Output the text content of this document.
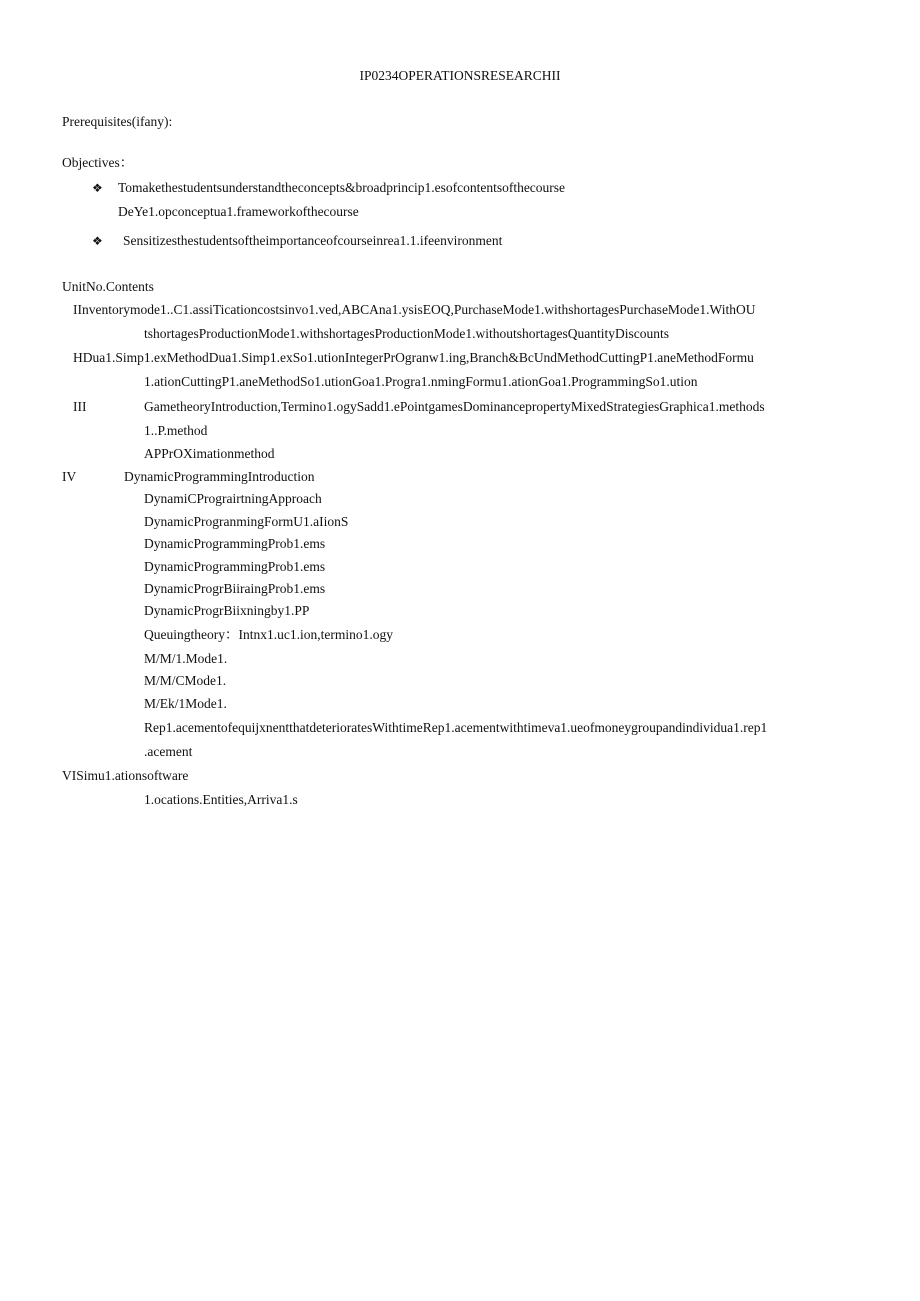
IP0234OPERATIONSRESEARCHII
Prerequisites(ifany):
Objectives：
❖ Tomakethestudentsunderstandtheconcepts&broadprincip1.esofcontentsofthecourse
DeYe1.opconceptua1.frameworkofthecourse
❖ Sensitizesthestudentsoftheimportanceofcourseinrea1.1.ifeenvironment
UnitNo.Contents
IInventorymode1..C1.assiTicationcostsinvo1.ved,ABCAna1.ysisEOQ,PurchaseMode1.withshortagesPurchaseMode1.WithOU
tshortagesProductionMode1.withshortagesProductionMode1.withoutshortagesQuantityDiscounts
HDua1.Simp1.exMethodDua1.Simp1.exSo1.utionIntegerPrOgranw1.ing,Branch&BcUndMethodCuttingP1.aneMethodFormu
1.ationCuttingP1.aneMethodSo1.utionGoa1.Progra1.nmingFormu1.ationGoa1.ProgrammingSo1.ution
III	GametheoryIntroduction,Termino1.ogySadd1.ePointgamesDominancepropertyMixedStrategiesGraphica1.methods
1..P.method
APPrOXimationmethod
IV	DynamicProgrammingIntroduction
DynamiCPrograirtningApproach
DynamicProgranmingFormU1.aIionS
DynamicProgrammingProb1.ems
DynamicProgrammingProb1.ems
DynamicProgrBiiraingProb1.ems
DynamicProgrBiixningby1.PP
Queuingtheory：Intnx1.uc1.ion,termino1.ogy
M/M/1.Mode1.
M/M/CMode1.
M/Ek/1Mode1.
Rep1.acementofequijxnentthatdeterioratesWithtimeRep1.acementwithtimeva1.ueofmoneygroupandindividua1.rep1
.acement
VISimu1.ationsoftware
1.ocations.Entities,Arriva1.s
